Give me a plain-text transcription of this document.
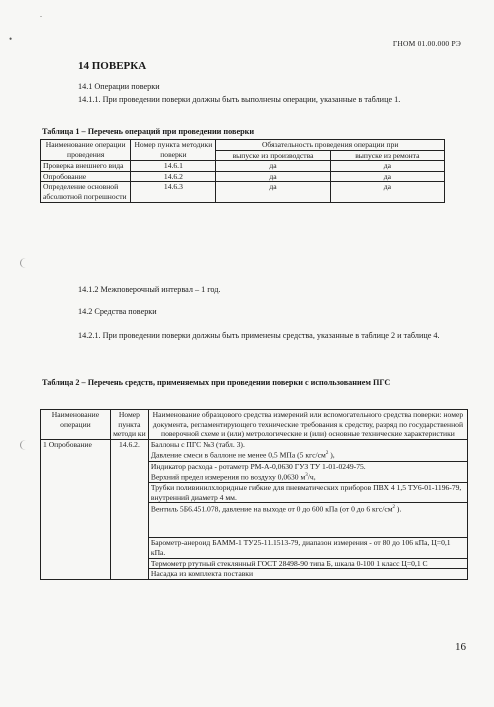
•
-
ГНОМ 01.00.000 РЭ
14 ПОВЕРКА
14.1 Операции поверки
14.1.1. При проведении поверки должны быть выполнены операции, указанные в таблице 1.
Таблица 1 – Перечень операций при проведении поверки
Наименование операции проведения	Номер пункта методики поверки	Обязательность проведения операции при	
		выпуске из производства	выпуске из ремонта
Проверка внешнего вида	14.6.1	да	да
Опробование	14.6.2	да	да
Определение основной абсолютной погрешности	14.6.3	да	да
14.1.2 Межповерочный интервал – 1 год.
14.2 Средства поверки
14.2.1. При проведении поверки должны быть применены средства, указанные в таблице 2 и таблице 4.
Таблица 2 – Перечень средств, применяемых при проведении поверки с использованием ПГС
Наименование операции	Номер пункта методи ки	Наименование образцового средства измерений или вспомогательного средства поверки: номер документа, регламентирующего технические требования к средству, разряд по государственной поверочной схеме и (или) метрологические и (или) основные технические характеристики
1 Опробование	14.6.2.	Баллоны с ПГС №3 (табл. 3).
Давление смеси в баллоне не менее 0,5 МПа (5 кгс/$см^2$ ),
		Индикатор расхода - ротаметр РМ-А-0,0630 ГУЗ ТУ 1-01-0249-75.
Верхний предел измерения по воздуху 0,0630 $м^3/ч$,
		Трубки поливинилхлоридные гибкие для пневматических приборов ПВХ 4 1,5 ТУ6-01-1196-79, внутренний диаметр 4 мм.
		Вентиль 5Б6.451.078, давление на выходе от 0 до 600 кПа (от 0 до 6 кгс/$см^2$ ).
		Барометр-анероид БАММ-1 ТУ25-11.1513-79, диапазон измерения - от 80 до 106 кПа, Ц=0,1 кПа.
		Термометр ртутный стеклянный ГОСТ 28498-90 типа Б, шкала 0-100 1 класс Ц=0,1 С
		Насадка из комплекта поставки
16
